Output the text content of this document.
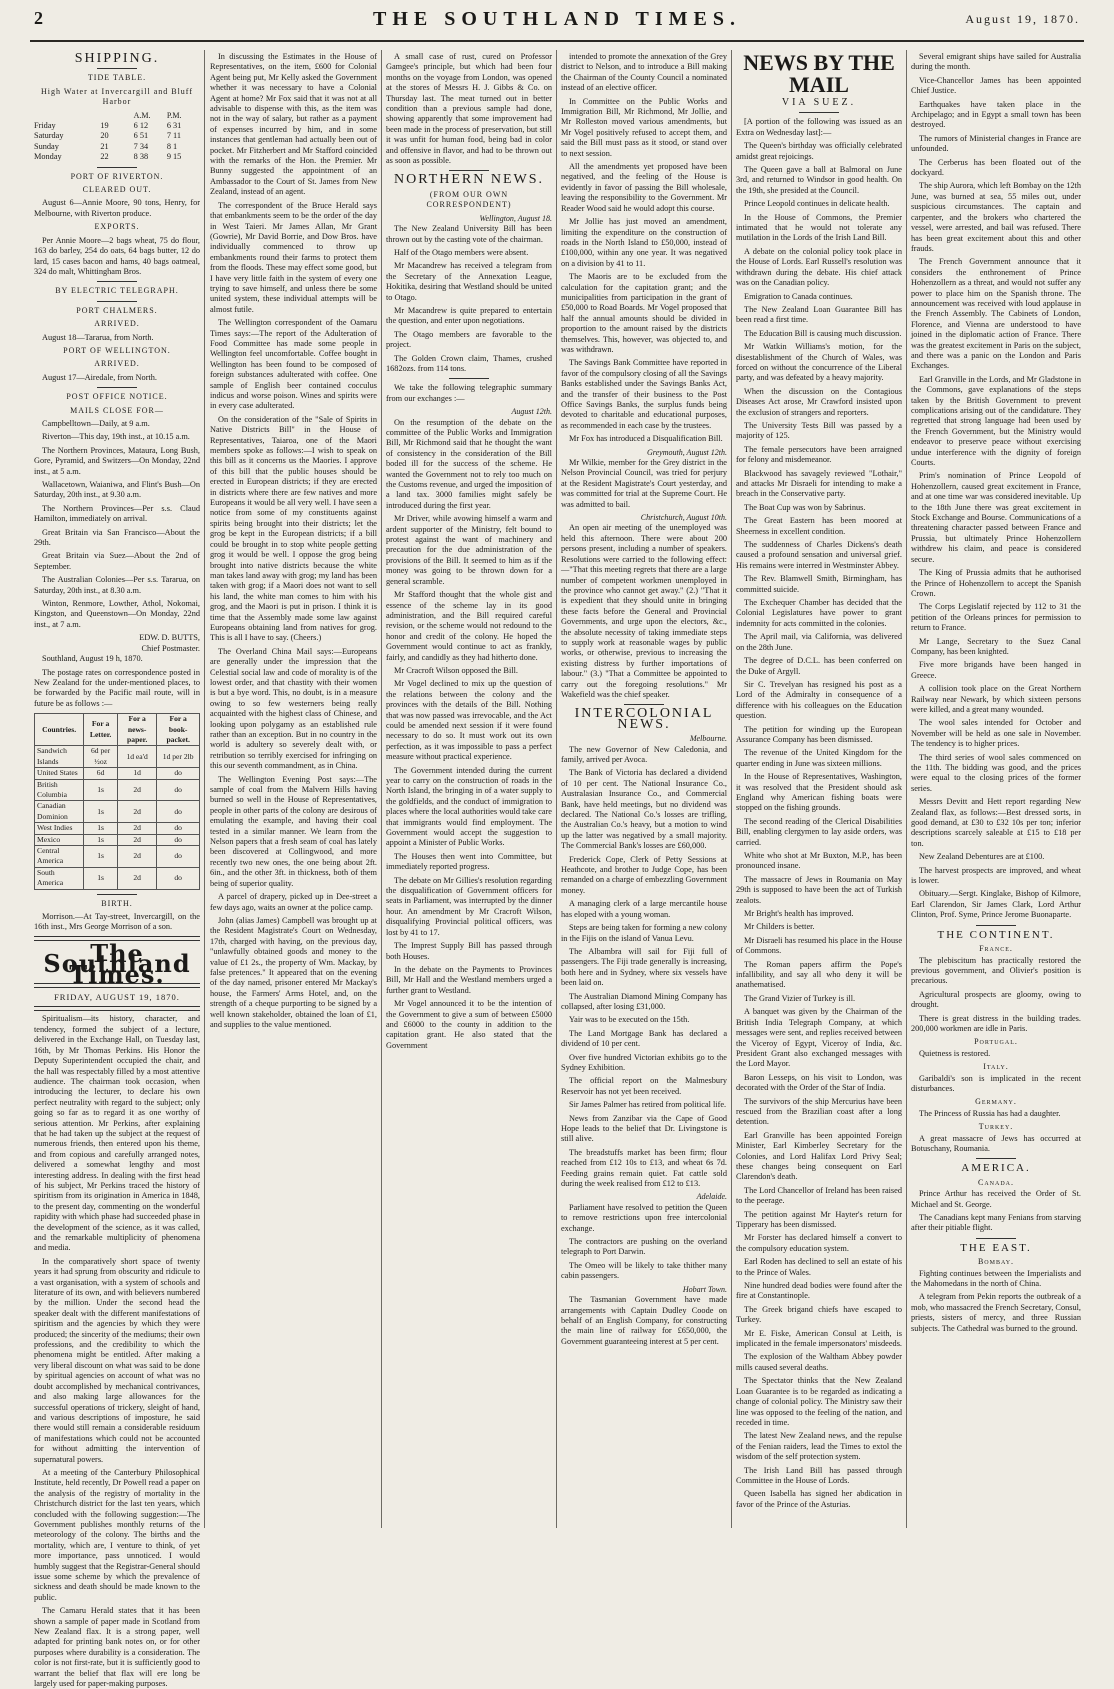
2	THE SOUTHLAND TIMES.	August 19, 1870.
SHIPPING.
TIDE TABLE.
High Water at Invercargill and Bluff Harbor
A.M.	P.M.
Friday	19	6 12	6 31
Saturday	20	6 51	7 11
Sunday	21	7 34	8 1
Monday	22	8 38	9 15
PORT OF RIVERTON.
CLEARED OUT.

August 6—Annie Moore, 90 tons, Henry, for Melbourne, with Riverton produce.

EXPORTS.

Per Annie Moore—2 bags wheat, 75 do flour, 163 do barley, 254 do oats, 64 bags butter, 12 do lard, 15 cases bacon and hams, 40 bags oatmeal, 324 do malt, Whittingham Bros.

BY ELECTRIC TELEGRAPH.
PORT CHALMERS.
ARRIVED.

August 18—Tararua, from North.

PORT OF WELLINGTON.
ARRIVED.

August 17—Airedale, from North.

POST OFFICE NOTICE.
MAILS CLOSE FOR—

Campbelltown—Daily, at 9 a.m.

Riverton—This day, 19th inst., at 10.15 a.m.

The Northern Provinces, Mataura, Long Bush, Gore, Pyramid, and Switzers—On Monday, 22nd inst., at 5 a.m.

Wallacetown, Waianiwa, and Flint's Bush—On Saturday, 20th inst., at 9.30 a.m.

The Northern Provinces—Per s.s. Claud Hamilton, immediately on arrival.

Great Britain via San Francisco—About the 29th.

Great Britain via Suez—About the 2nd of September.

The Australian Colonies—Per s.s. Tararua, on Saturday, 20th inst., at 8.30 a.m.

Winton, Renmore, Lowther, Athol, Nokomai, Kingston, and Queenstown—On Monday, 22nd inst., at 7 a.m.

EDW. D. BUTTS,
Chief Postmaster.

Southland, August 19 h, 1870.

The postage rates on correspondence posted in New Zealand for the under-mentioned places, to be forwarded by the Pacific mail route, will in future be as follows :—

Countries.	For a Letter.	For a news-paper.	For a book-packet.
Sandwich Islands	6d per ½oz	1d ea'd	1d per 2lb
United States	6d	1d	do
British Columbia	1s	2d	do
Canadian Dominion	1s	2d	do
West Indies	1s	2d	do
Mexico	1s	2d	do
Central America	1s	2d	do
South America	1s	2d	do
BIRTH.

Morrison.—At Tay-street, Invercargill, on the 16th inst., Mrs George Morrison of a son.

The Southland Times.
FRIDAY, AUGUST 19, 1870.

Spiritualism—its history, character, and tendency, formed the subject of a lecture, delivered in the Exchange Hall, on Tuesday last, 16th, by Mr Thomas Perkins. His Honor the Deputy Superintendent occupied the chair, and the hall was respectably filled by a most attentive audience. The chairman took occasion, when introducing the lecturer, to declare his own perfect neutrality with regard to the subject; only going so far as to regard it as one worthy of serious attention. Mr Perkins, after explaining that he had taken up the subject at the request of numerous friends, then entered upon his theme, and from copious and carefully arranged notes, delivered a somewhat lengthy and most interesting address. In dealing with the first head of his subject, Mr Perkins traced the history of spiritism from its origination in America in 1848, to the present day, commenting on the wonderful rapidity with which phase had succeeded phase in the development of the science, as it was called, and the remarkable multiplicity of phenomena and media.

In the comparatively short space of twenty years it had sprung from obscurity and ridicule to a vast organisation, with a system of schools and literature of its own, and with believers numbered by the million. Under the second head the speaker dealt with the different manifestations of spiritism and the agencies by which they were produced; the sincerity of the mediums; their own professions, and the credibility to which the phenomena might be entitled. After making a very liberal discount on what was said to be done by spiritual agencies on account of what was no doubt accomplished by mechanical contrivances, and also making large allowances for the successful operations of trickery, sleight of hand, and various descriptions of imposture, he said there would still remain a considerable residuum of manifestations which could not be accounted for without admitting the intervention of supernatural powers.

At a meeting of the Canterbury Philosophical Institute, held recently, Dr Powell read a paper on the analysis of the registry of mortality in the Christchurch district for the last ten years, which concluded with the following suggestion:—The Government publishes monthly returns of the meteorology of the colony. The births and the mortality, which are, I venture to think, of yet more importance, pass unnoticed. I would humbly suggest that the Registrar-General should issue some scheme by which the prevalence of sickness and death should be made known to the public.

The Camaru Herald states that it has been shown a sample of paper made in Scotland from New Zealand flax. It is a strong paper, well adapted for printing bank notes on, or for other purposes where durability is a consideration. The color is not first-rate, but it is sufficiently good to warrant the belief that flax will ere long be largely used for paper-making purposes.

In discussing the Estimates in the House of Representatives, on the item, £600 for Colonial Agent being put, Mr Kelly asked the Government whether it was necessary to have a Colonial Agent at home? Mr Fox said that it was not at all advisable to dispense with this, as the item was not in the way of salary, but rather as a payment of expenses incurred by him, and in some instances that gentleman had actually been out of pocket. Mr Fitzherbert and Mr Stafford coincided with the remarks of the Hon. the Premier. Mr Bunny suggested the appointment of an Ambassador to the Court of St. James from New Zealand, instead of an agent.

The correspondent of the Bruce Herald says that embankments seem to be the order of the day in West Taieri. Mr James Allan, Mr Grant (Gowrie), Mr David Borrie, and Dow Bros. have individually commenced to throw up embankments round their farms to protect them from the floods. These may effect some good, but I have very little faith in the system of every one trying to save himself, and unless there be some united system, these individual attempts will be almost futile.

The Wellington correspondent of the Oamaru Times says:—The report of the Adulteration of Food Committee has made some people in Wellington feel uncomfortable. Coffee bought in Wellington has been found to be composed of foreign substances adulterated with coffee. One sample of English beer contained cocculus indicus and worse poison. Wines and spirits were in every case adulterated.

On the consideration of the "Sale of Spirits in Native Districts Bill" in the House of Representatives, Taiaroa, one of the Maori members spoke as follows:—I wish to speak on this bill as it concerns us the Maories. I approve of this bill that the public houses should be erected in European districts; if they are erected in districts where there are few natives and more Europeans it would be all very well. I have seen a notice from some of my constituents against spirits being brought into their districts; let the grog be kept in the European districts; if a bill could be brought in to stop white people getting grog it would be well. I oppose the grog being brought into native districts because the white man takes land away with grog; my land has been taken with grog; if a Maori does not want to sell his land, the white man comes to him with his grog, and the Maori is put in prison. I think it is time that the Assembly made some law against Europeans obtaining land from natives for grog. This is all I have to say. (Cheers.)

The Overland China Mail says:—Europeans are generally under the impression that the Celestial social law and code of morality is of the lowest order, and that chastity with their women is but a bye word. This, no doubt, is in a measure owing to so few westerners being really acquainted with the highest class of Chinese, and looking upon polygamy as an established rule rather than an exception. But in no country in the world is adultery so severely dealt with, or retribution so terribly exercised for infringing on this our seventh commandment, as in China.

The Wellington Evening Post says:—The sample of coal from the Malvern Hills having burned so well in the House of Representatives, people in other parts of the colony are desirous of emulating the example, and having their coal tested in a similar manner. We learn from the Nelson papers that a fresh seam of coal has lately been discovered at Collingwood, and more recently two new ones, the one being about 2ft. 6in., and the other 3ft. in thickness, both of them being of superior quality.

A parcel of drapery, picked up in Dee-street a few days ago, waits an owner at the police camp.

John (alias James) Campbell was brought up at the Resident Magistrate's Court on Wednesday, 17th, charged with having, on the previous day, "unlawfully obtained goods and money to the value of £1 2s., the property of Wm. Mackay, by false pretences." It appeared that on the evening of the day named, prisoner entered Mr Mackay's house, the Farmers' Arms Hotel, and, on the strength of a cheque purporting to be signed by a well known stakeholder, obtained the loan of £1, and supplies to the value mentioned.

A small case of rust, cured on Professor Gamgee's principle, but which had been four months on the voyage from London, was opened at the stores of Messrs H. J. Gibbs & Co. on Thursday last. The meat turned out in better condition than a previous sample had done, showing apparently that some improvement had been made in the process of preservation, but still it was unfit for human food, being bad in color and offensive in flavor, and had to be thrown out as soon as possible.

NORTHERN NEWS.
(FROM OUR OWN CORRESPONDENT)
Wellington, August 18.

The New Zealand University Bill has been thrown out by the casting vote of the chairman.

Half of the Otago members were absent.

Mr Macandrew has received a telegram from the Secretary of the Annexation League, Hokitika, desiring that Westland should be united to Otago.

Mr Macandrew is quite prepared to entertain the question, and enter upon negotiations.

The Otago members are favorable to the project.

The Golden Crown claim, Thames, crushed 1682ozs. from 114 tons.

We take the following telegraphic summary from our exchanges :—

August 12th.

On the resumption of the debate on the committee of the Public Works and Immigration Bill, Mr Richmond said that he thought the want of consistency in the consideration of the Bill boded ill for the success of the scheme. He wanted the Government not to rely too much on the Customs revenue, and urged the imposition of a land tax. 3000 families might safely be introduced during the first year.

Mr Driver, while avowing himself a warm and ardent supporter of the Ministry, felt bound to protest against the want of machinery and precaution for the due administration of the provisions of the Bill. It seemed to him as if the money was going to be thrown down for a general scramble.

Mr Stafford thought that the whole gist and essence of the scheme lay in its good administration, and the Bill required careful revision, or the scheme would not redound to the honor and credit of the colony. He hoped the Government would continue to act as frankly, fairly, and candidly as they had hitherto done.

Mr Cracroft Wilson opposed the Bill.

Mr Vogel declined to mix up the question of the relations between the colony and the provinces with the details of the Bill. Nothing that was now passed was irrevocable, and the Act could be amended next session if it were found necessary to do so. It must work out its own perfection, as it was impossible to pass a perfect measure without practical experience.

The Government intended during the current year to carry on the construction of roads in the North Island, the bringing in of a water supply to the goldfields, and the conduct of immigration to places where the local authorities would take care that immigrants would find employment. The Government would accept the suggestion to appoint a Minister of Public Works.

The Houses then went into Committee, but immediately reported progress.

The debate on Mr Gillies's resolution regarding the disqualification of Government officers for seats in Parliament, was interrupted by the dinner hour. An amendment by Mr Cracroft Wilson, disqualifying Provincial political officers, was lost by 41 to 17.

The Imprest Supply Bill has passed through both Houses.

In the debate on the Payments to Provinces Bill, Mr Hall and the Westland members urged a further grant to Westland.

Mr Vogel announced it to be the intention of the Government to give a sum of between £5000 and £6000 to the county in addition to the capitation grant. He also stated that the Government

intended to promote the annexation of the Grey district to Nelson, and to introduce a Bill making the Chairman of the County Council a nominated instead of an elective officer.

In Committee on the Public Works and Immigration Bill, Mr Richmond, Mr Jollie, and Mr Rolleston moved various amendments, but Mr Vogel positively refused to accept them, and said the Bill must pass as it stood, or stand over to next session.

All the amendments yet proposed have been negatived, and the feeling of the House is evidently in favor of passing the Bill wholesale, leaving the responsibility to the Government. Mr Reader Wood said he would adopt this course.

Mr Jollie has just moved an amendment, limiting the expenditure on the construction of roads in the North Island to £50,000, instead of £100,000, within any one year. It was negatived on a division by 41 to 11.

The Maoris are to be excluded from the calculation for the capitation grant; and the municipalities from participation in the grant of £50,000 to Road Boards. Mr Vogel proposed that half the annual amounts should be divided in proportion to the amount raised by the districts themselves. This, however, was objected to, and was withdrawn.

The Savings Bank Committee have reported in favor of the compulsory closing of all the Savings Banks established under the Savings Banks Act, and the transfer of their business to the Post Office Savings Banks, the surplus funds being devoted to charitable and educational purposes, as recommended in each case by the trustees.

Mr Fox has introduced a Disqualification Bill.

Greymouth, August 12th.

Mr Wilkie, member for the Grey district in the Nelson Provincial Council, was tried for perjury at the Resident Magistrate's Court yesterday, and was committed for trial at the Supreme Court. He was admitted to bail.

Christchurch, August 10th.

An open air meeting of the unemployed was held this afternoon. There were about 200 persons present, including a number of speakers. Resolutions were carried to the following effect:—"That this meeting regrets that there are a large number of competent workmen unemployed in the province who cannot get away." (2.) "That it is expedient that they should unite in bringing these facts before the General and Provincial Governments, and urge upon the electors, &c., the absolute necessity of taking immediate steps to supply work at reasonable wages by public works, or otherwise, previous to increasing the existing distress by further importations of labour." (3.) "That a Committee be appointed to carry out the foregoing resolutions." Mr Wakefield was the chief speaker.

INTERCOLONIAL NEWS.
Melbourne.

The new Governor of New Caledonia, and family, arrived per Avoca.

The Bank of Victoria has declared a dividend of 10 per cent. The National Insurance Co., Australasian Insurance Co., and Commercial Bank, have held meetings, but no dividend was declared. The National Co.'s losses are trifling, the Australian Co.'s heavy, but a motion to wind up the latter was negatived by a small majority. The Commercial Bank's losses are £60,000.

Frederick Cope, Clerk of Petty Sessions at Heathcote, and brother to Judge Cope, has been remanded on a charge of embezzling Government money.

A managing clerk of a large mercantile house has eloped with a young woman.

Steps are being taken for forming a new colony in the Fijis on the island of Vanua Levu.

The Albambra will sail for Fiji full of passengers. The Fiji trade generally is increasing, both here and in Sydney, where six vessels have been laid on.

The Australian Diamond Mining Company has collapsed, after losing £31,000.

Yair was to be executed on the 15th.

The Land Mortgage Bank has declared a dividend of 10 per cent.

Over five hundred Victorian exhibits go to the Sydney Exhibition.

The official report on the Malmesbury Reservoir has not yet been received.

Sir James Palmer has retired from political life.

News from Zanzibar via the Cape of Good Hope leads to the belief that Dr. Livingstone is still alive.

The breadstuffs market has been firm; flour reached from £12 10s to £13, and wheat 6s 7d. Feeding grains remain quiet. Fat cattle sold during the week realised from £12 to £13.

Adelaide.

Parliament have resolved to petition the Queen to remove restrictions upon free intercolonial exchange.

The contractors are pushing on the overland telegraph to Port Darwin.

The Omeo will be likely to take thither many cabin passengers.

Hobart Town.

The Tasmanian Government have made arrangements with Captain Dudley Coode on behalf of an English Company, for constructing the main line of railway for £650,000, the Government guaranteeing interest at 5 per cent.

NEWS BY THE MAIL
VIA SUEZ.

[A portion of the following was issued as an Extra on Wednesday last]:—

The Queen's birthday was officially celebrated amidst great rejoicings.

The Queen gave a ball at Balmoral on June 3rd, and returned to Windsor in good health. On the 19th, she presided at the Council.

Prince Leopold continues in delicate health.

In the House of Commons, the Premier intimated that he would not tolerate any mutilation in the Lords of the Irish Land Bill.

A debate on the colonial policy took place in the House of Lords. Earl Russell's resolution was withdrawn during the debate. His chief attack was on the Canadian policy.

Emigration to Canada continues.

The New Zealand Loan Guarantee Bill has been read a first time.

The Education Bill is causing much discussion.

Mr Watkin Williams's motion, for the disestablishment of the Church of Wales, was forced on without the concurrence of the Liberal party, and was defeated by a heavy majority.

When the discussion on the Contagious Diseases Act arose, Mr Crawford insisted upon the exclusion of strangers and reporters.

The University Tests Bill was passed by a majority of 125.

The female persecutors have been arraigned for felony and misdemeanor.

Blackwood has savagely reviewed "Lothair," and attacks Mr Disraeli for intending to make a breach in the Conservative party.

The Boat Cup was won by Sabrinus.

The Great Eastern has been moored at Sheerness in excellent condition.

The suddenness of Charles Dickens's death caused a profound sensation and universal grief. His remains were interred in Westminster Abbey.

The Rev. Blamwell Smith, Birmingham, has committed suicide.

The Exchequer Chamber has decided that the Colonial Legislatures have power to grant indemnity for acts committed in the colonies.

The April mail, via California, was delivered on the 28th June.

The degree of D.C.L. has been conferred on the Duke of Argyll.

Sir C. Trevelyan has resigned his post as a Lord of the Admiralty in consequence of a difference with his colleagues on the Education question.

The petition for winding up the European Assurance Company has been dismissed.

The revenue of the United Kingdom for the quarter ending in June was sixteen millions.

In the House of Representatives, Washington, it was resolved that the President should ask England why American fishing boats were stopped on the fishing grounds.

The second reading of the Clerical Disabilities Bill, enabling clergymen to lay aside orders, was carried.

White who shot at Mr Buxton, M.P., has been pronounced insane.

The massacre of Jews in Roumania on May 29th is supposed to have been the act of Turkish zealots.

Mr Bright's health has improved.

Mr Childers is better.

Mr Disraeli has resumed his place in the House of Commons.

The Roman papers affirm the Pope's infallibility, and say all who deny it will be anathematised.

The Grand Vizier of Turkey is ill.

A banquet was given by the Chairman of the British India Telegraph Company, at which messages were sent, and replies received between the Viceroy of Egypt, Viceroy of India, &c. President Grant also exchanged messages with the Lord Mayor.

Baron Lesseps, on his visit to London, was decorated with the Order of the Star of India.

The survivors of the ship Mercurius have been rescued from the Brazilian coast after a long detention.

Earl Granville has been appointed Foreign Minister, Earl Kimberley Secretary for the Colonies, and Lord Halifax Lord Privy Seal; these changes being consequent on Earl Clarendon's death.

The Lord Chancellor of Ireland has been raised to the peerage.

The petition against Mr Hayter's return for Tipperary has been dismissed.

Mr Forster has declared himself a convert to the compulsory education system.

Earl Roden has declined to sell an estate of his to the Prince of Wales.

Nine hundred dead bodies were found after the fire at Constantinople.

The Greek brigand chiefs have escaped to Turkey.

Mr E. Fiske, American Consul at Leith, is implicated in the female impersonators' misdeeds.

The explosion of the Waltham Abbey powder mills caused several deaths.

The Spectator thinks that the New Zealand Loan Guarantee is to be regarded as indicating a change of colonial policy. The Ministry saw their line was opposed to the feeling of the nation, and receded in time.

The latest New Zealand news, and the repulse of the Fenian raiders, lead the Times to extol the wisdom of the self protection system.

The Irish Land Bill has passed through Committee in the House of Lords.

Queen Isabella has signed her abdication in favor of the Prince of the Asturias.

Several emigrant ships have sailed for Australia during the month.

Vice-Chancellor James has been appointed Chief Justice.

Earthquakes have taken place in the Archipelago; and in Egypt a small town has been destroyed.

The rumors of Ministerial changes in France are unfounded.

The Cerberus has been floated out of the dockyard.

The ship Aurora, which left Bombay on the 12th June, was burned at sea, 55 miles out, under suspicious circumstances. The captain and carpenter, and the brokers who chartered the vessel, were arrested, and bail was refused. There has been great excitement about this and other frauds.

The French Government announce that it considers the enthronement of Prince Hohenzollern as a threat, and would not suffer any power to place him on the Spanish throne. The announcement was received with loud applause in the French Assembly. The Cabinets of London, Florence, and Vienna are understood to have joined in the diplomatic action of France. There was the greatest excitement in Paris on the subject, and there was a panic on the London and Paris Exchanges.

Earl Granville in the Lords, and Mr Gladstone in the Commons, gave explanations of the steps taken by the British Government to prevent complications arising out of the candidature. They regretted that strong language had been used by the French Government, but the Ministry would endeavor to preserve peace without exercising undue interference with the dignity of foreign Courts.

Prim's nomination of Prince Leopold of Hohenzollern, caused great excitement in France, and at one time war was considered inevitable. Up to the 18th June there was great excitement in Stock Exchange and Bourse. Communications of a threatening character passed between France and Prussia, but ultimately Prince Hohenzollern withdrew his claim, and peace is considered secure.

The King of Prussia admits that he authorised the Prince of Hohenzollern to accept the Spanish Crown.

The Corps Legislatif rejected by 112 to 31 the petition of the Orleans princes for permission to return to France.

Mr Lange, Secretary to the Suez Canal Company, has been knighted.

Five more brigands have been hanged in Greece.

A collision took place on the Great Northern Railway near Newark, by which sixteen persons were killed, and a great many wounded.

The wool sales intended for October and November will be held as one sale in November. The tendency is to higher prices.

The third series of wool sales commenced on the 11th. The bidding was good, and the prices were equal to the closing prices of the former series.

Messrs Devitt and Hett report regarding New Zealand flax, as follows:—Best dressed sorts, in good demand, at £30 to £32 10s per ton; inferior descriptions scarcely saleable at £15 to £18 per ton.

New Zealand Debentures are at £100.

The harvest prospects are improved, and wheat is lower.

Obituary.—Sergt. Kinglake, Bishop of Kilmore, Earl Clarendon, Sir James Clark, Lord Arthur Clinton, Prof. Syme, Prince Jerome Buonaparte.

THE CONTINENT.
France.

The plebiscitum has practically restored the previous government, and Olivier's position is precarious.

Agricultural prospects are gloomy, owing to drought.

There is great distress in the building trades. 200,000 workmen are idle in Paris.

Portugal.

Quietness is restored.

Italy.

Garibaldi's son is implicated in the recent disturbances.

Germany.

The Princess of Russia has had a daughter.

Turkey.

A great massacre of Jews has occurred at Botuschany, Roumania.

AMERICA.
Canada.

Prince Arthur has received the Order of St. Michael and St. George.

The Canadians kept many Fenians from starving after their pitiable flight.

THE EAST.
Bombay.

Fighting continues between the Imperialists and the Mahomedans in the north of China.

A telegram from Pekin reports the outbreak of a mob, who massacred the French Secretary, Consul, priests, sisters of mercy, and three Russian subjects. The Cathedral was burned to the ground.
